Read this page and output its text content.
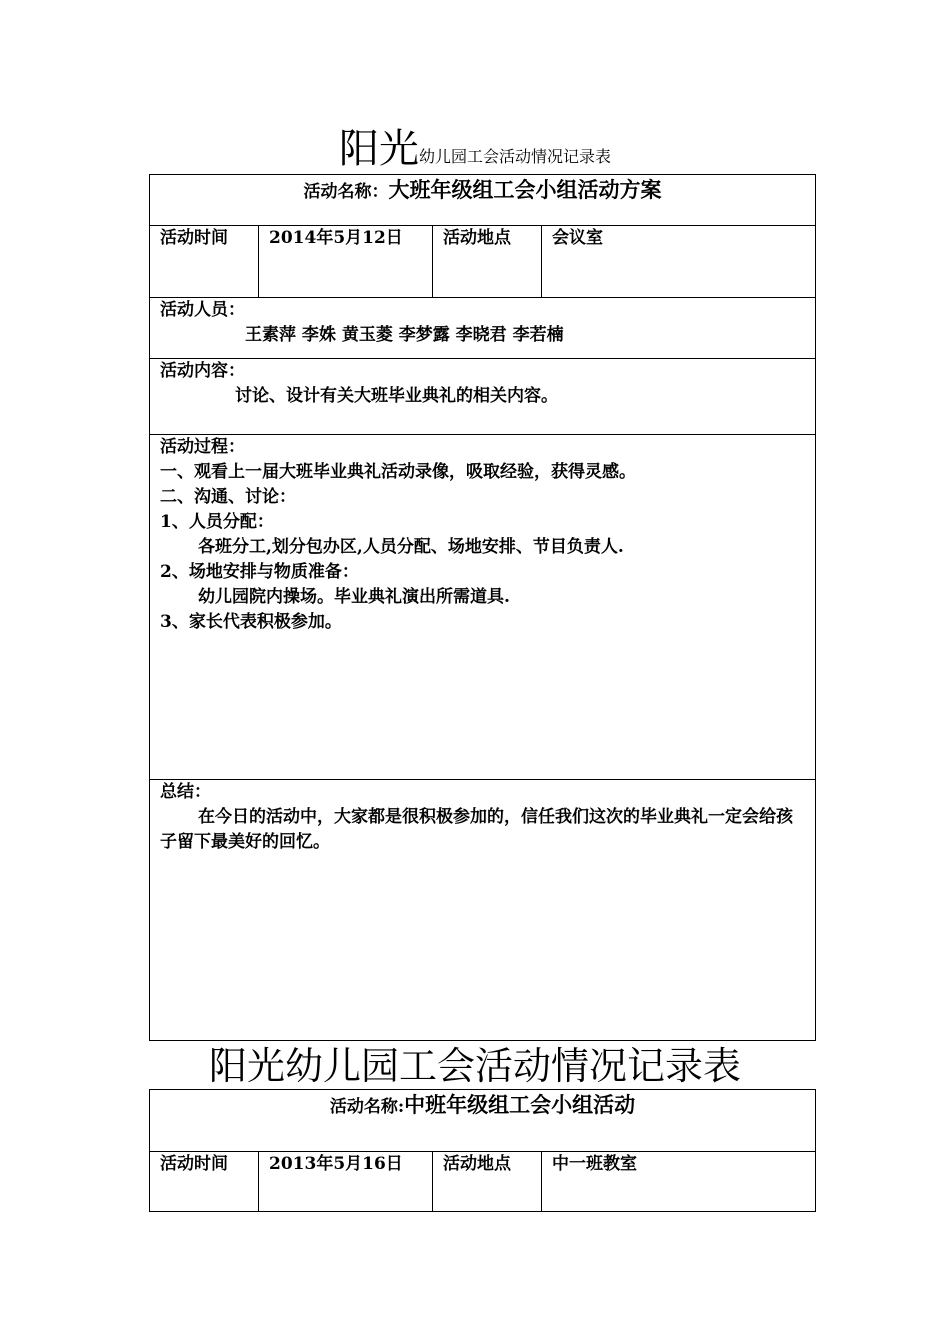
阳光幼儿园工会活动情况记录表
活动名称：大班年级组工会小组活动方案
活动时间	2014年5月12日	活动地点	会议室
活动人员：

王素萍 李姝 黄玉菱 李梦露 李晓君 李若楠

活动内容：

讨论、设计有关大班毕业典礼的相关内容。

活动过程：
一、观看上一届大班毕业典礼活动录像，吸取经验，获得灵感。
二、沟通、讨论：
1、人员分配：

各班分工,划分包办区,人员分配、场地安排、节目负责人.
2、场地安排与物质准备：

幼儿园院内操场。毕业典礼演出所需道具.
3、家长代表积极参加。
总结：
在今日的活动中，大家都是很积极参加的，信任我们这次的毕业典礼一定会给孩子留下最美好的回忆。
阳光幼儿园工会活动情况记录表
活动名称:中班年级组工会小组活动
活动时间	2013年5月16日	活动地点	中一班教室
